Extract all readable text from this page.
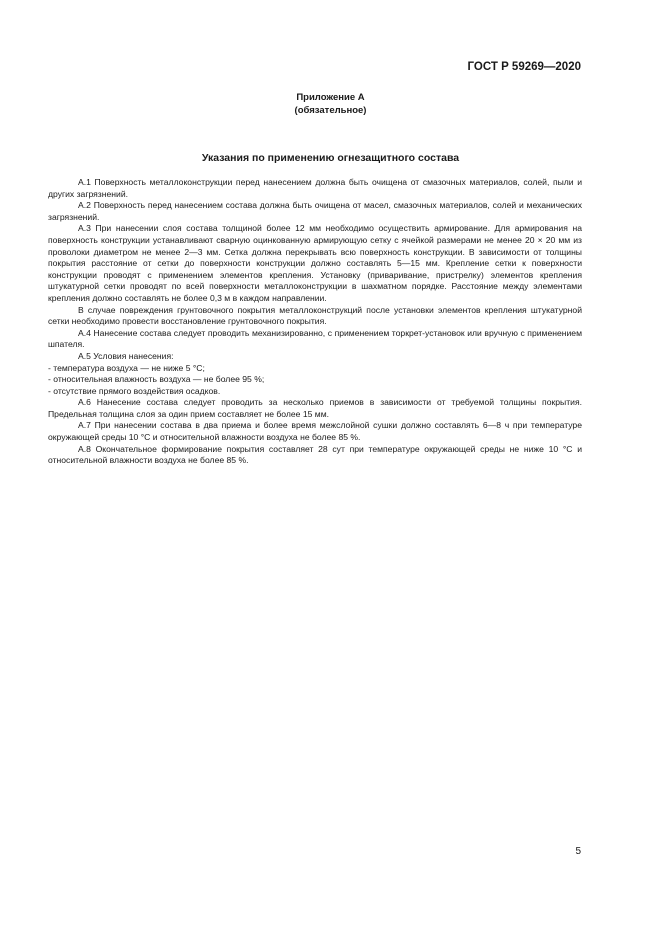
ГОСТ Р 59269—2020
Приложение А
(обязательное)
Указания по применению огнезащитного состава

А.1 Поверхность металлоконструкции перед нанесением должна быть очищена от смазочных материалов, солей, пыли и других загрязнений.

А.2 Поверхность перед нанесением состава должна быть очищена от масел, смазочных материалов, солей и механических загрязнений.

А.3 При нанесении слоя состава толщиной более 12 мм необходимо осуществить армирование. Для армирования на поверхность конструкции устанавливают сварную оцинкованную армирующую сетку с ячейкой размерами не менее 20 × 20 мм из проволоки диаметром не менее 2—3 мм. Сетка должна перекрывать всю поверхность конструкции. В зависимости от толщины покрытия расстояние от сетки до поверхности конструкции должно составлять 5—15 мм. Крепление сетки к поверхности конструкции проводят с применением элементов крепления. Установку (приваривание, пристрелку) элементов крепления штукатурной сетки проводят по всей поверхности металлоконструкции в шахматном порядке. Расстояние между элементами крепления должно составлять не более 0,3 м в каждом направлении.

В случае повреждения грунтовочного покрытия металлоконструкций после установки элементов крепления штукатурной сетки необходимо провести восстановление грунтовочного покрытия.

А.4 Нанесение состава следует проводить механизированно, с применением торкрет-установок или вручную с применением шпателя.

А.5 Условия нанесения:

- температура воздуха — не ниже 5 °С;

- относительная влажность воздуха — не более 95 %;

- отсутствие прямого воздействия осадков.

А.6 Нанесение состава следует проводить за несколько приемов в зависимости от требуемой толщины покрытия. Предельная толщина слоя за один прием составляет не более 15 мм.

А.7 При нанесении состава в два приема и более время межслойной сушки должно составлять 6—8 ч при температуре окружающей среды 10 °С и относительной влажности воздуха не более 85 %.

А.8 Окончательное формирование покрытия составляет 28 сут при температуре окружающей среды не ниже 10 °С и относительной влажности воздуха не более 85 %.

5
